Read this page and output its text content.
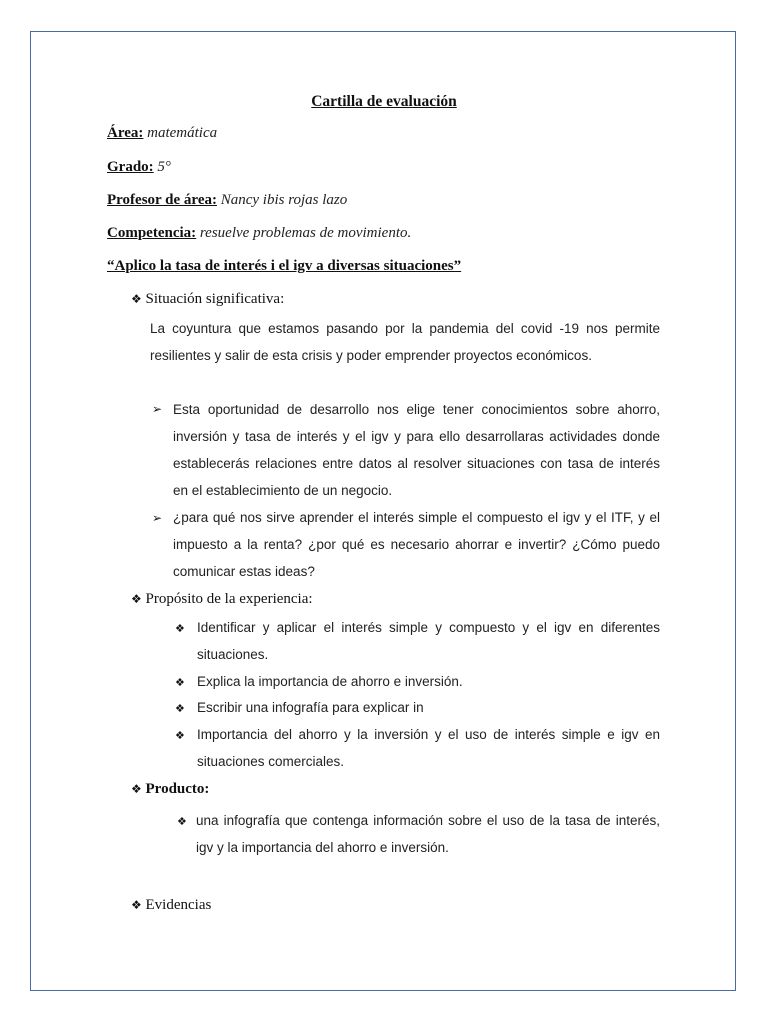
Cartilla de evaluación
Área: matemática
Grado: 5°
Profesor de área: Nancy ibis rojas lazo
Competencia: resuelve problemas de movimiento.
“Aplico la tasa de interés i el igv a diversas situaciones”
❖ Situación significativa:
La coyuntura que estamos pasando por la pandemia del covid -19 nos permite resilientes y salir de esta crisis y poder emprender proyectos económicos.
➢ Esta oportunidad de desarrollo nos elige tener conocimientos sobre ahorro, inversión y tasa de interés y el igv y para ello desarrollaras actividades donde establecerás relaciones entre datos al resolver situaciones con tasa de interés en el establecimiento de un negocio.
➢ ¿para qué nos sirve aprender el interés simple el compuesto el igv y el ITF, y el impuesto a la renta? ¿por qué es necesario ahorrar e invertir? ¿Cómo puedo comunicar estas ideas?
❖ Propósito de la experiencia:
❖ Identificar y aplicar el interés simple y compuesto y el igv en diferentes situaciones.
❖ Explica la importancia de ahorro e inversión.
❖ Escribir una infografía para explicar in
❖ Importancia del ahorro y la inversión y el uso de interés simple e igv en situaciones comerciales.
❖ Producto:
❖ una infografía que contenga información sobre el uso de la tasa de interés, igv y la importancia del ahorro e inversión.
❖ Evidencias
